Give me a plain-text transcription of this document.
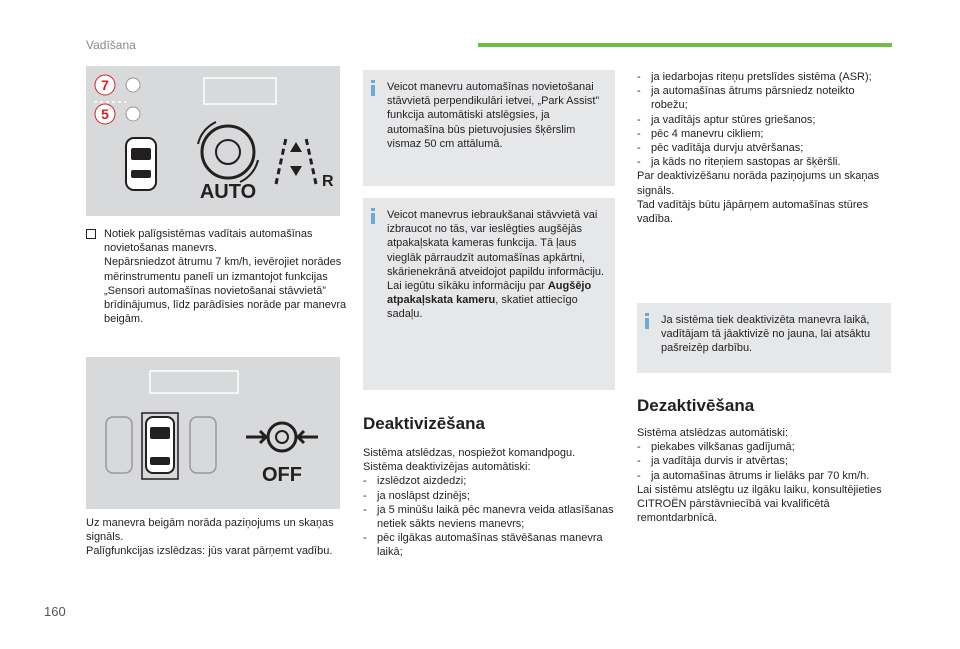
Vadīšana
7
5
AUTO	R
Notiek palīgsistēmas vadītais automašīnas novietošanas manevrs.
Nepārsniedzot ātrumu 7 km/h, ievērojiet norādes mērinstrumentu panelī un izmantojot funkcijas „Sensori automašīnas novietošanai stāvvietā” brīdinājumus, līdz parādīsies norāde par manevra beigām.
OFF
Uz manevra beigām norāda paziņojums un skaņas signāls.
Palīgfunkcijas izslēdzas: jūs varat pārņemt vadību.
Veicot manevru automašīnas novietošanai stāvvietā perpendikulāri ietvei, „Park Assist” funkcija automātiski atslēgsies, ja automašīna būs pietuvojusies šķērslim vismaz 50 cm attālumā.
Veicot manevrus iebraukšanai stāvvietā vai izbraucot no tās, var ieslēgties augšējās atpakaļskata kameras funkcija. Tā ļaus vieglāk pārraudzīt automašīnas apkārtni, skārienekrānā atveidojot papildu informāciju.
Lai iegūtu sīkāku informāciju par Augšējo atpakaļskata kameru, skatiet attiecīgo sadaļu.
Deaktivizēšana
Sistēma atslēdzas, nospiežot komandpogu.
Sistēma deaktivizējas automātiski:
- izslēdzot aizdedzi;
- ja noslāpst dzinējs;
- ja 5 minūšu laikā pēc manevra veida atlasīšanas netiek sākts neviens manevrs;
- pēc ilgākas automašīnas stāvēšanas manevra laikā;
- ja iedarbojas riteņu pretslīdes sistēma (ASR);
- ja automašīnas ātrums pārsniedz noteikto robežu;
- ja vadītājs aptur stūres griešanos;
- pēc 4 manevru cikliem;
- pēc vadītāja durvju atvēršanas;
- ja kāds no riteņiem sastopas ar šķēršli.
Par deaktivizēšanu norāda paziņojums un skaņas signāls.
Tad vadītājs būtu jāpārņem automašīnas stūres vadība.
Ja sistēma tiek deaktivizēta manevra laikā, vadītājam tā jāaktivizē no jauna, lai atsāktu pašreizēp darbību.
Dezaktivēšana
Sistēma atslēdzas automātiski:
- piekabes vilkšanas gadījumā;
- ja vadītāja durvis ir atvērtas;
- ja automašīnas ātrums ir lielāks par 70 km/h.
Lai sistēmu atslēgtu uz ilgāku laiku, konsultējieties CITROËN pārstāvniecībā vai kvalificētā remontdarbnīcā.
160
